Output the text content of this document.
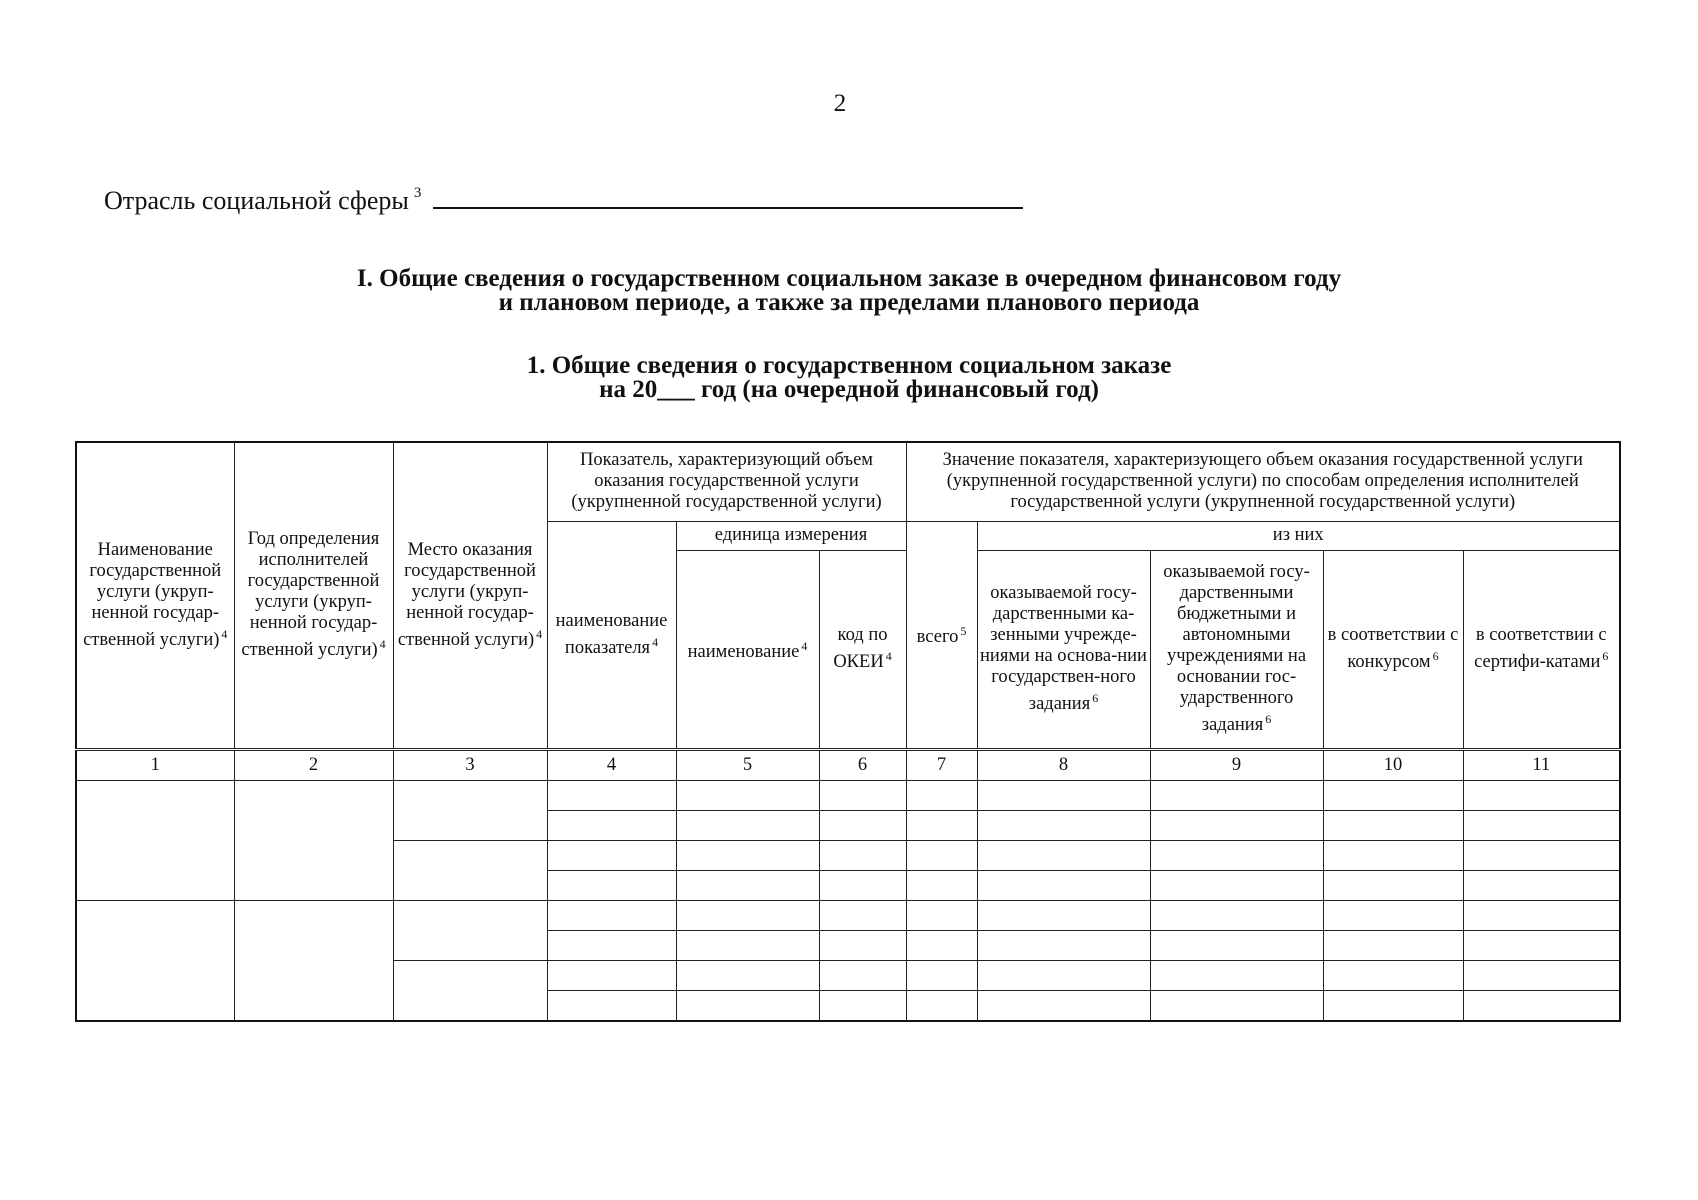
2
Отрасль социальной сферы $^3$
I. Общие сведения о государственном социальном заказе в очередном финансовом году
и плановом периоде, а также за пределами планового периода
1. Общие сведения о государственном социальном заказе
на 20___ год (на очередной финансовый год)
Наименование государственной услуги (укруп-ненной государ-ственной услуги) $^4$	Год определения исполнителей государственной услуги (укруп-ненной государ-ственной услуги) $^4$	Место оказания государственной услуги (укруп-ненной государ-ственной услуги) $^4$	Показатель, характеризующий объем оказания государственной услуги (укрупненной государственной услуги)			Значение показателя, характеризующего объем оказания государственной услуги (укрупненной государственной услуги) по способам определения исполнителей государственной услуги (укрупненной государственной услуги)				
			наименование показателя $^4$	единица измерения		всего $^5$	из них			
				наименование $^4$	код по ОКЕИ $^4$		оказываемой госу-дарственными ка-зенными учрежде-ниями на основа-нии государствен-ного задания $^6$	оказываемой госу-дарственными бюджетными и автономными учреждениями на основании гос-ударственного задания $^6$	в соответствии с конкурсом $^6$	в соответствии с сертифи-катами $^6$
1	2	3	4	5	6	7	8	9	10	11
